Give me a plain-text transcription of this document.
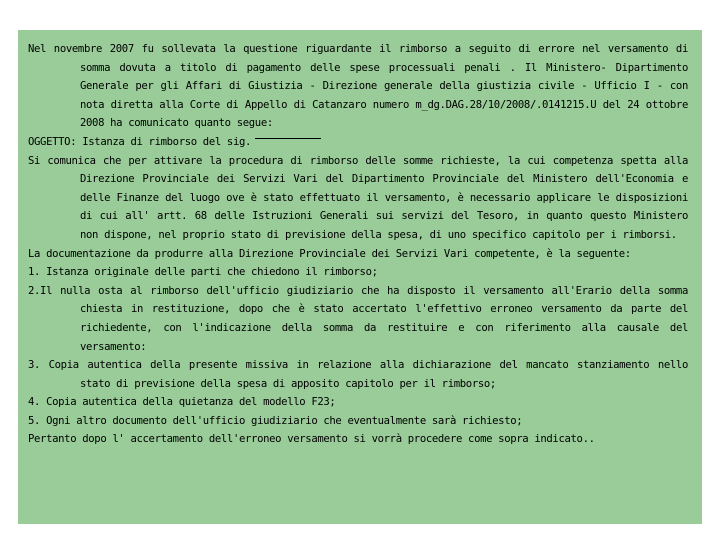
Nel novembre 2007 fu sollevata la questione riguardante il rimborso a seguito di errore nel versamento di somma dovuta a titolo di pagamento delle spese processuali penali . Il Ministero- Dipartimento Generale per gli Affari di Giustizia - Direzione generale della giustizia civile - Ufficio I - con nota diretta alla Corte di Appello di Catanzaro numero m_dg.DAG.28/10/2008/.0141215.U del 24 ottobre 2008 ha comunicato quanto segue:

OGGETTO: Istanza di rimborso del sig.

Si comunica che per attivare la procedura di rimborso delle somme richieste, la cui competenza spetta alla Direzione Provinciale dei Servizi Vari del Dipartimento Provinciale del Ministero dell'Economia e delle Finanze del luogo ove è stato effettuato il versamento, è necessario applicare le disposizioni di cui all' artt. 68 delle Istruzioni Generali sui servizi del Tesoro, in quanto questo Ministero non dispone, nel proprio stato di previsione della spesa, di uno specifico capitolo per i rimborsi.

La documentazione da produrre alla Direzione Provinciale dei Servizi Vari competente, è la seguente:

1. Istanza originale delle parti che chiedono il rimborso;

2.Il nulla osta al rimborso dell'ufficio giudiziario che ha disposto il versamento all'Erario della somma chiesta in restituzione, dopo che è stato accertato l'effettivo erroneo versamento da parte del richiedente, con l'indicazione della somma da restituire e con riferimento alla causale del versamento:

3. Copia autentica della presente missiva in relazione alla dichiarazione del mancato stanziamento nello stato di previsione della spesa di apposito capitolo per il rimborso;

4. Copia autentica della quietanza del modello F23;

5. Ogni altro documento dell'ufficio giudiziario che eventualmente sarà richiesto;

Pertanto dopo l' accertamento dell'erroneo versamento si vorrà procedere come sopra indicato..
